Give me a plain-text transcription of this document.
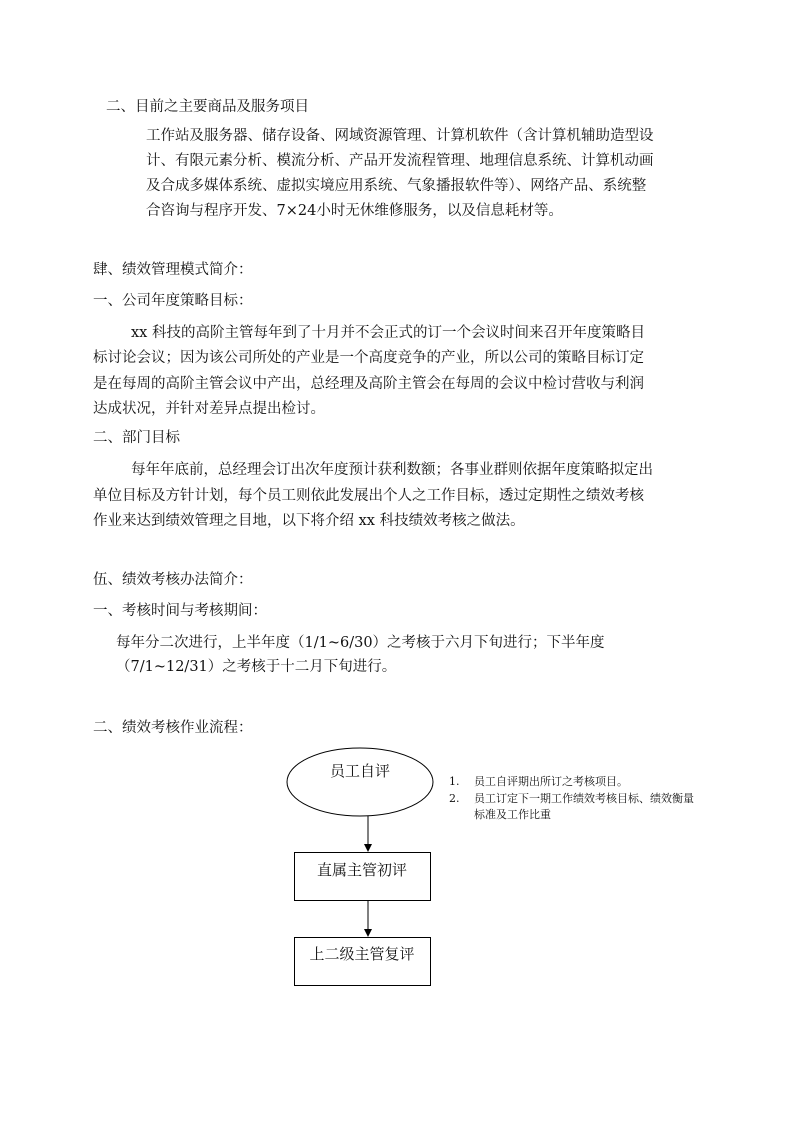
二、目前之主要商品及服务项目
工作站及服务器、储存设备、网域资源管理、计算机软件（含计算机辅助造型设
计、有限元素分析、模流分析、产品开发流程管理、地理信息系统、计算机动画
及合成多媒体系统、虚拟实境应用系统、气象播报软件等）、网络产品、系统整
合咨询与程序开发、7×24小时无休维修服务，以及信息耗材等。
肆、绩效管理模式简介：
一、公司年度策略目标：
xx 科技的高阶主管每年到了十月并不会正式的订一个会议时间来召开年度策略目
标讨论会议；因为该公司所处的产业是一个高度竞争的产业，所以公司的策略目标订定
是在每周的高阶主管会议中产出，总经理及高阶主管会在每周的会议中检讨营收与利润
达成状况，并针对差异点提出检讨。
二、部门目标
每年年底前，总经理会订出次年度预计获利数额；各事业群则依据年度策略拟定出
单位目标及方针计划，每个员工则依此发展出个人之工作目标，透过定期性之绩效考核
作业来达到绩效管理之目地，以下将介绍 xx 科技绩效考核之做法。
伍、绩效考核办法简介：
一、考核时间与考核期间：
每年分二次进行，上半年度（1/1~6/30）之考核于六月下旬进行；下半年度
（7/1~12/31）之考核于十二月下旬进行。
二、绩效考核作业流程：
员工自评
直属主管初评
上二级主管复评
1. 员工自评期出所订之考核项目。
2. 员工订定下一期工作绩效考核目标、绩效衡量
标准及工作比重
